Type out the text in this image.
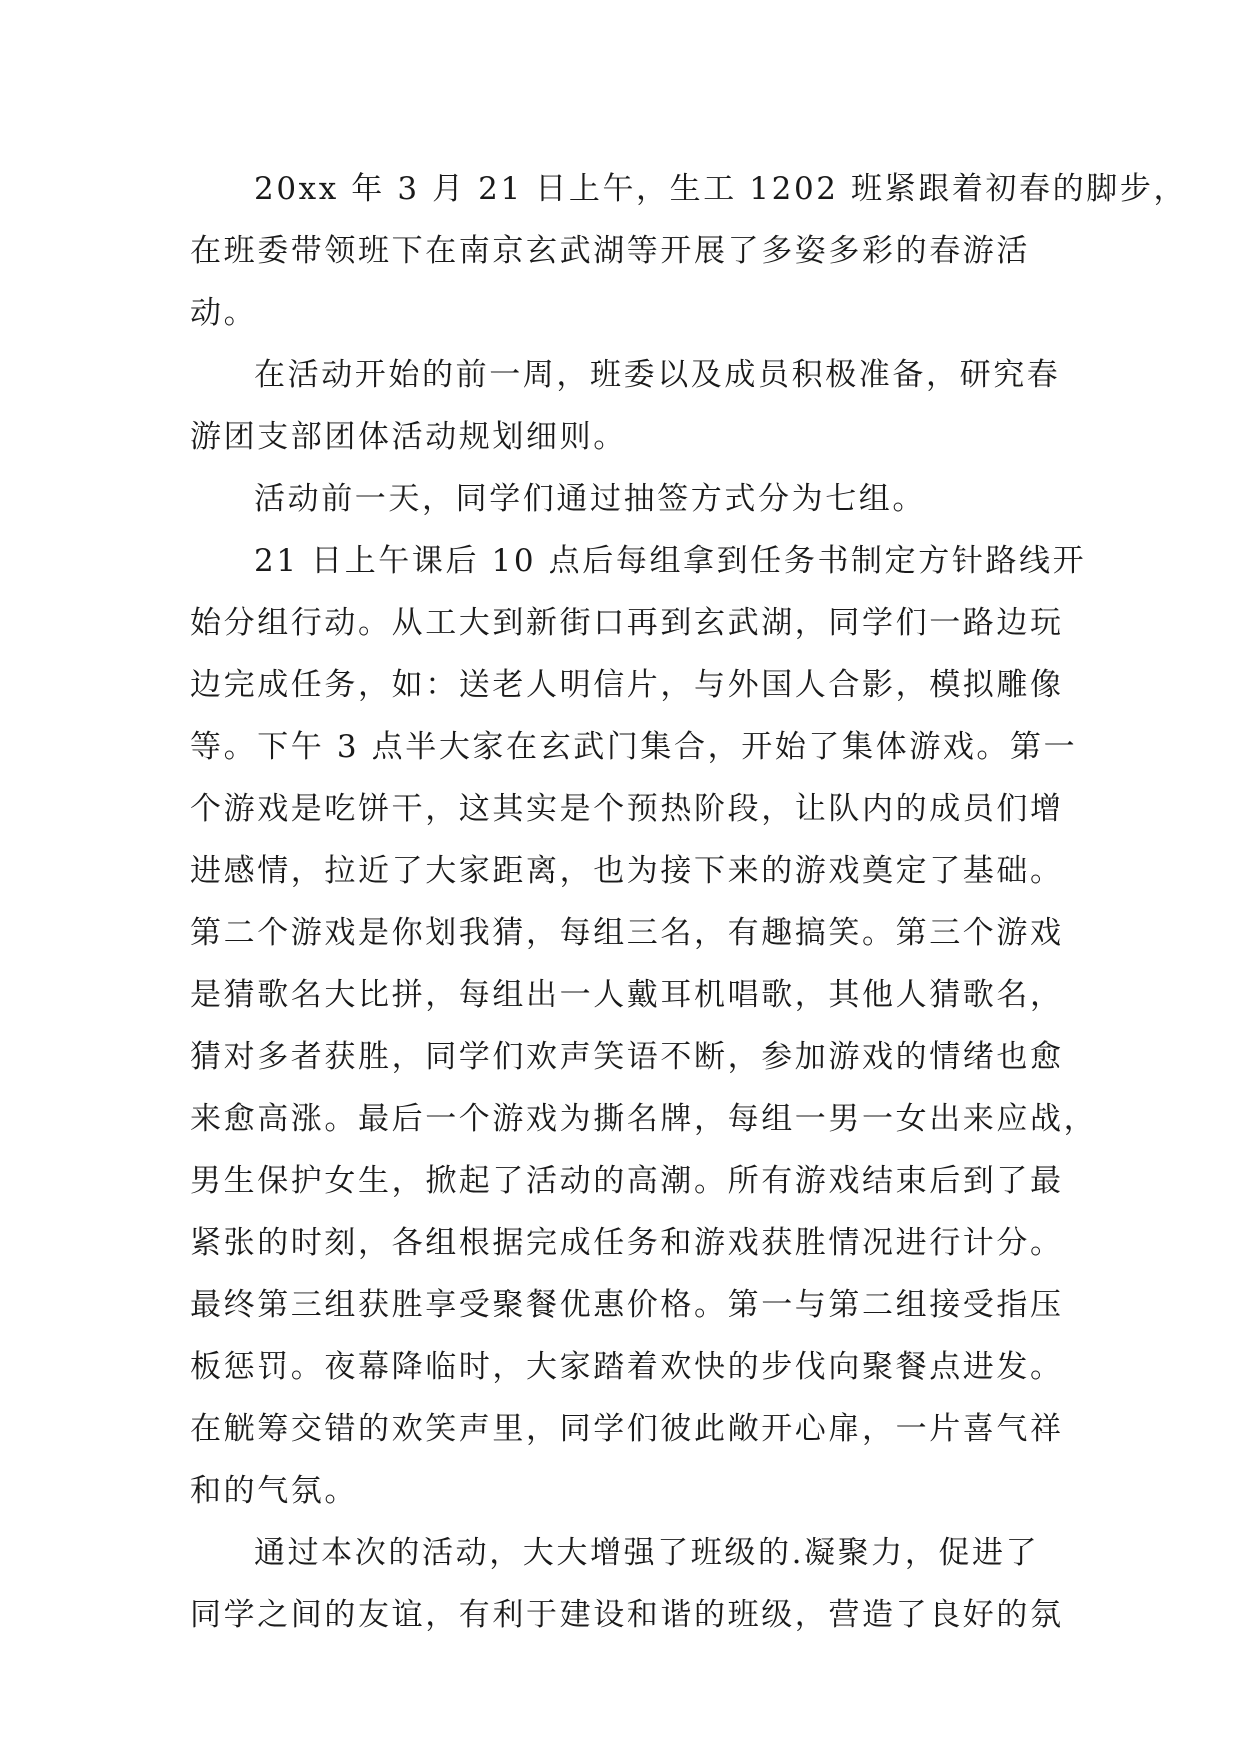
20xx 年 3 月 21 日上午，生工 1202 班紧跟着初春的脚步，
在班委带领班下在南京玄武湖等开展了多姿多彩的春游活
动。
在活动开始的前一周，班委以及成员积极准备，研究春
游团支部团体活动规划细则。
活动前一天，同学们通过抽签方式分为七组。
21 日上午课后 10 点后每组拿到任务书制定方针路线开
始分组行动。从工大到新街口再到玄武湖，同学们一路边玩
边完成任务，如：送老人明信片，与外国人合影，模拟雕像
等。下午 3 点半大家在玄武门集合，开始了集体游戏。第一
个游戏是吃饼干，这其实是个预热阶段，让队内的成员们增
进感情，拉近了大家距离，也为接下来的游戏奠定了基础。
第二个游戏是你划我猜，每组三名，有趣搞笑。第三个游戏
是猜歌名大比拼，每组出一人戴耳机唱歌，其他人猜歌名，
猜对多者获胜，同学们欢声笑语不断，参加游戏的情绪也愈
来愈高涨。最后一个游戏为撕名牌，每组一男一女出来应战，
男生保护女生，掀起了活动的高潮。所有游戏结束后到了最
紧张的时刻，各组根据完成任务和游戏获胜情况进行计分。
最终第三组获胜享受聚餐优惠价格。第一与第二组接受指压
板惩罚。夜幕降临时，大家踏着欢快的步伐向聚餐点进发。
在觥筹交错的欢笑声里，同学们彼此敞开心扉，一片喜气祥
和的气氛。
通过本次的活动，大大增强了班级的.凝聚力，促进了
同学之间的友谊，有利于建设和谐的班级，营造了良好的氛
